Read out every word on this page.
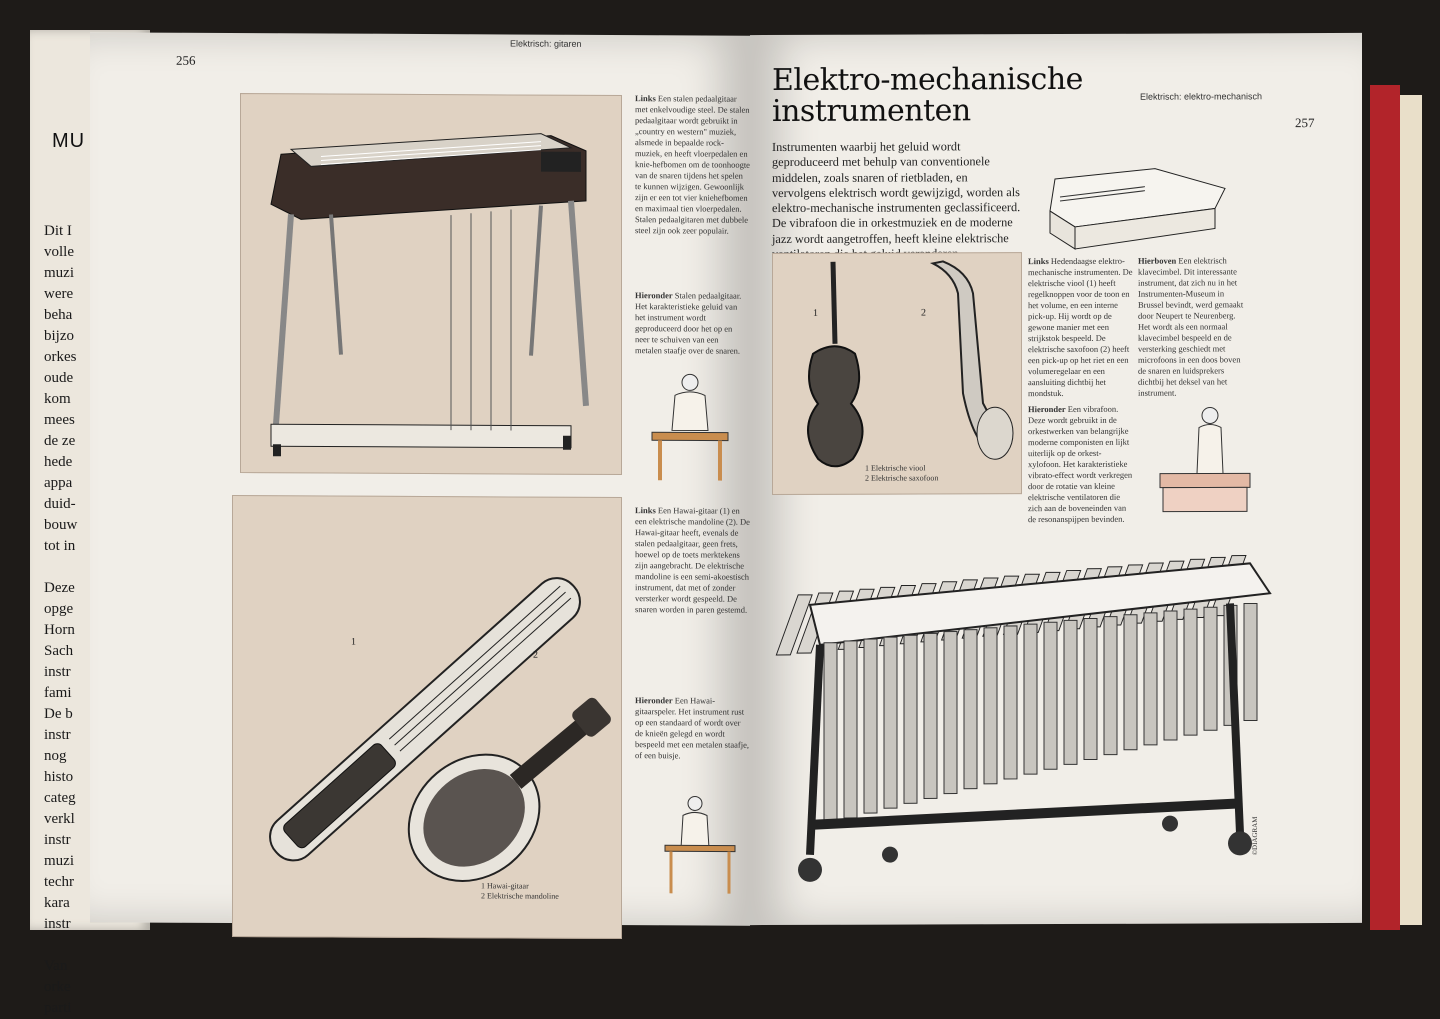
MU
Dit I
volle
muzi
were
beha
bijzo
orkes
oude
kom
mees
de ze
hede
appa
duid-
bouw
tot in
Deze
opge
Horn
Sach
instr
fami
De b
instr
nog
histo
categ
verkl
instr
muzi
techr
kara
instr
Van
orke
parti
256
Elektrisch: gitaren
Links Een stalen pedaalgitaar met enkelvoudige steel. De stalen pedaalgitaar wordt gebruikt in „country en western" muziek, alsmede in bepaalde rock-muziek, en heeft vloerpedalen en knie-hefbomen om de toonhoogte van de snaren tijdens het spelen te kunnen wijzigen. Gewoonlijk zijn er een tot vier kniehefbomen en maximaal tien vloerpedalen. Stalen pedaalgitaren met dubbele steel zijn ook zeer populair.
Hieronder Stalen pedaalgitaar. Het karakteristieke geluid van het instrument wordt geproduceerd door het op en neer te schuiven van een metalen staafje over de snaren.
1
2
1 Hawai-gitaar
2 Elektrische mandoline
Links Een Hawai-gitaar (1) en een elektrische mandoline (2). De Hawai-gitaar heeft, evenals de stalen pedaalgitaar, geen frets, hoewel op de toets merktekens zijn aangebracht. De elektrische mandoline is een semi-akoestisch instrument, dat met of zonder versterker wordt gespeeld. De snaren worden in paren gestemd.
Hieronder Een Hawai-gitaarspeler. Het instrument rust op een standaard of wordt over de knieën gelegd en wordt bespeeld met een metalen staafje, of een buisje.
Elektro-mechanische
instrumenten	Elektrisch: elektro-mechanisch
257
Instrumenten waarbij het geluid wordt geproduceerd met behulp van conventionele middelen, zoals snaren of rietbladen, en vervolgens elektrisch wordt gewijzigd, worden als elektro-mechanische instrumenten geclassificeerd. De vibrafoon die in orkestmuziek en de moderne jazz wordt aangetroffen, heeft kleine elektrische
1	2
1 Elektrische viool
2 Elektrische saxofoon
Links Hedendaagse elektro-mechanische instrumenten. De elektrische viool (1) heeft regelknoppen voor de toon en het volume, en een interne pick-up. Hij wordt op de gewone manier met een strijkstok bespeeld. De elektrische saxofoon (2) heeft een pick-up op het riet en een volumeregelaar en een aansluiting dichtbij het mondstuk.
Hierboven Een elektrisch klavecimbel. Dit interessante instrument, dat zich nu in het Instrumenten-Museum in Brussel bevindt, werd gemaakt door Neupert te Neurenberg. Het wordt als een normaal klavecimbel bespeeld en de versterking geschiedt met microfoons in een doos boven de snaren en luidsprekers dichtbij het deksel van het instrument.
Hieronder Een vibrafoon. Deze wordt gebruikt in de orkestwerken van belangrijke moderne componisten en lijkt uiterlijk op de orkest-xylofoon. Het karakteristieke vibrato-effect wordt verkregen door de rotatie van kleine elektrische ventilatoren die zich aan de boveneinden van de resonanspijpen bevinden.
©DIAGRAM
